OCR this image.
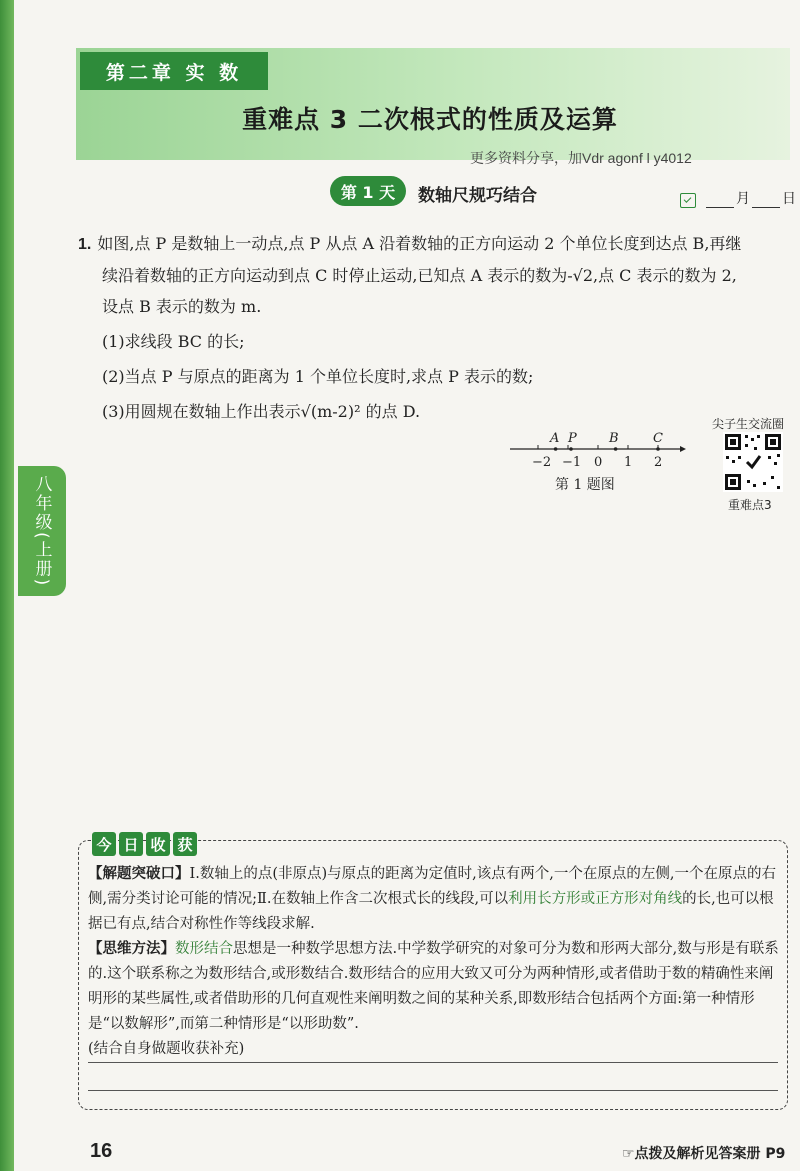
八年级(上册)
第二章 实 数
重难点 3 二次根式的性质及运算
更多资料分享，加Vdr agonf l y4012
第 1 天	数轴尺规巧结合	月 日

1. 如图,点 P 是数轴上一动点,点 P 从点 A 沿着数轴的正方向运动 2 个单位长度到达点 B,再继

续沿着数轴的正方向运动到点 C 时停止运动,已知点 A 表示的数为-√2,点 C 表示的数为 2,

设点 B 表示的数为 m.

(1)求线段 BC 的长;

(2)当点 P 与原点的距离为 1 个单位长度时,求点 P 表示的数;

(3)用圆规在数轴上作出表示√(m-2)² 的点 D.

−2 −1 0 1 2
A P B	C
第 1 题图
尖子生交流圈
重难点3
今 日 收 获

【解题突破口】Ⅰ.数轴上的点(非原点)与原点的距离为定值时,该点有两个,一个在原点的左侧,一个在原点的右侧,需分类讨论可能的情况;Ⅱ.在数轴上作含二次根式长的线段,可以利用长方形或正方形对角线的长,也可以根据已有点,结合对称性作等线段求解.

【思维方法】数形结合思想是一种数学思想方法.中学数学研究的对象可分为数和形两大部分,数与形是有联系的.这个联系称之为数形结合,或形数结合.数形结合的应用大致又可分为两种情形,或者借助于数的精确性来阐明形的某些属性,或者借助形的几何直观性来阐明数之间的某种关系,即数形结合包括两个方面:第一种情形是“以数解形”,而第二种情形是“以形助数”.

(结合自身做题收获补充)

16	☞点拨及解析见答案册 P9
